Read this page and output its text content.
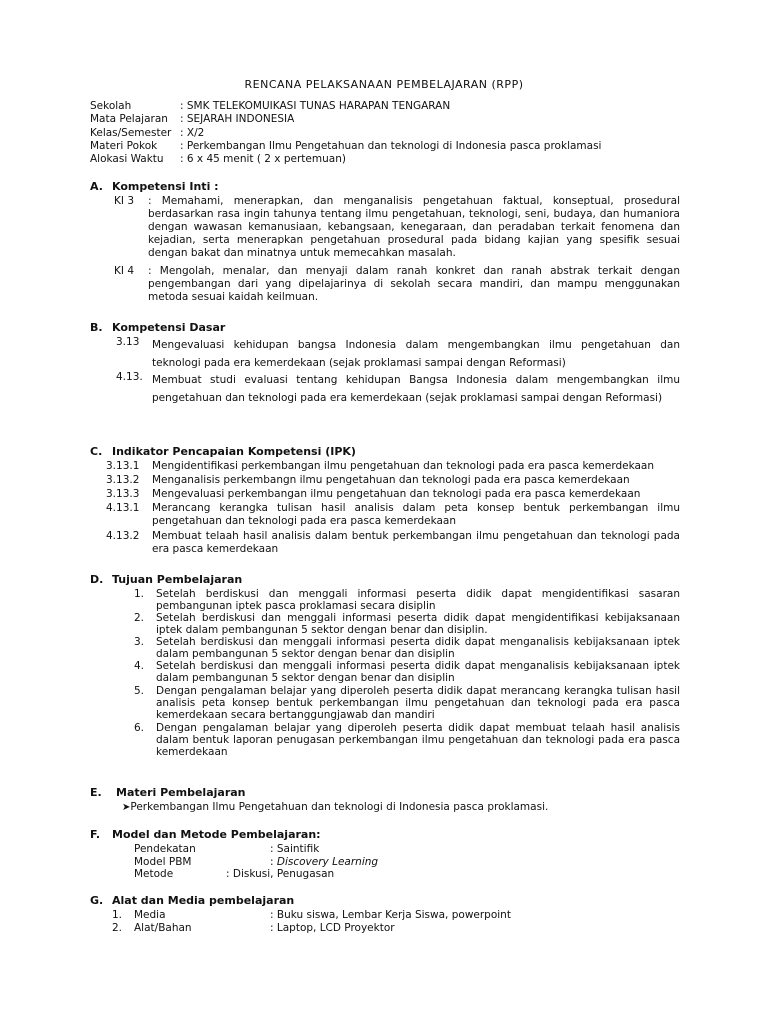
RENCANA PELAKSANAAN PEMBELAJARAN (RPP)
Sekolah	: SMK TELEKOMUIKASI TUNAS HARAPAN TENGARAN
Mata Pelajaran : SEJARAH INDONESIA
Kelas/Semester : X/2
Materi Pokok : Perkembangan Ilmu Pengetahuan dan teknologi di Indonesia pasca proklamasi
Alokasi Waktu : 6 x 45 menit ( 2 x pertemuan)
A. Kompetensi Inti :
KI 3 : Memahami, menerapkan, dan menganalisis pengetahuan faktual, konseptual, prosedural berdasarkan rasa ingin tahunya tentang ilmu pengetahuan, teknologi, seni, budaya, dan humaniora dengan wawasan kemanusiaan, kebangsaan, kenegaraan, dan peradaban terkait fenomena dan kejadian, serta menerapkan pengetahuan prosedural pada bidang kajian yang spesifik sesuai dengan bakat dan minatnya untuk memecahkan masalah.
KI 4 : Mengolah, menalar, dan menyaji dalam ranah konkret dan ranah abstrak terkait dengan pengembangan dari yang dipelajarinya di sekolah secara mandiri, dan mampu menggunakan metoda sesuai kaidah keilmuan.
B. Kompetensi Dasar
3.13 Mengevaluasi kehidupan bangsa Indonesia dalam mengembangkan ilmu pengetahuan dan teknologi pada era kemerdekaan (sejak proklamasi sampai dengan Reformasi)
4.13. Membuat studi evaluasi tentang kehidupan Bangsa Indonesia dalam mengembangkan ilmu pengetahuan dan teknologi pada era kemerdekaan (sejak proklamasi sampai dengan Reformasi)
C. Indikator Pencapaian Kompetensi (IPK)
3.13.1 Mengidentifikasi perkembangan ilmu pengetahuan dan teknologi pada era pasca kemerdekaan
3.13.2 Menganalisis perkembangn ilmu pengetahuan dan teknologi pada era pasca kemerdekaan
3.13.3 Mengevaluasi perkembangan ilmu pengetahuan dan teknologi pada era pasca kemerdekaan
4.13.1 Merancang kerangka tulisan hasil analisis dalam peta konsep bentuk perkembangan ilmu pengetahuan dan teknologi pada era pasca kemerdekaan
4.13.2 Membuat telaah hasil analisis dalam bentuk perkembangan ilmu pengetahuan dan teknologi pada era pasca kemerdekaan
D. Tujuan Pembelajaran
1. Setelah berdiskusi dan menggali informasi peserta didik dapat mengidentifikasi sasaran pembangunan iptek pasca proklamasi secara disiplin
2. Setelah berdiskusi dan menggali informasi peserta didik dapat mengidentifikasi kebijaksanaan iptek dalam pembangunan 5 sektor dengan benar dan disiplin.
3. Setelah berdiskusi dan menggali informasi peserta didik dapat menganalisis kebijaksanaan iptek dalam pembangunan 5 sektor dengan benar dan disiplin
4. Setelah berdiskusi dan menggali informasi peserta didik dapat menganalisis kebijaksanaan iptek dalam pembangunan 5 sektor dengan benar dan disiplin
5. Dengan pengalaman belajar yang diperoleh peserta didik dapat merancang kerangka tulisan hasil analisis peta konsep bentuk perkembangan ilmu pengetahuan dan teknologi pada era pasca kemerdekaan secara bertanggungjawab dan mandiri
6. Dengan pengalaman belajar yang diperoleh peserta didik dapat membuat telaah hasil analisis dalam bentuk laporan penugasan perkembangan ilmu pengetahuan dan teknologi pada era pasca kemerdekaan
E. Materi Pembelajaran
➤Perkembangan Ilmu Pengetahuan dan teknologi di Indonesia pasca proklamasi.
F. Model dan Metode Pembelajaran:
Pendekatan	: Saintifik
Model PBM	: Discovery Learning
Metode	: Diskusi, Penugasan
G. Alat dan Media pembelajaran
1. Media	: Buku siswa, Lembar Kerja Siswa, powerpoint
2. Alat/Bahan	: Laptop, LCD Proyektor
